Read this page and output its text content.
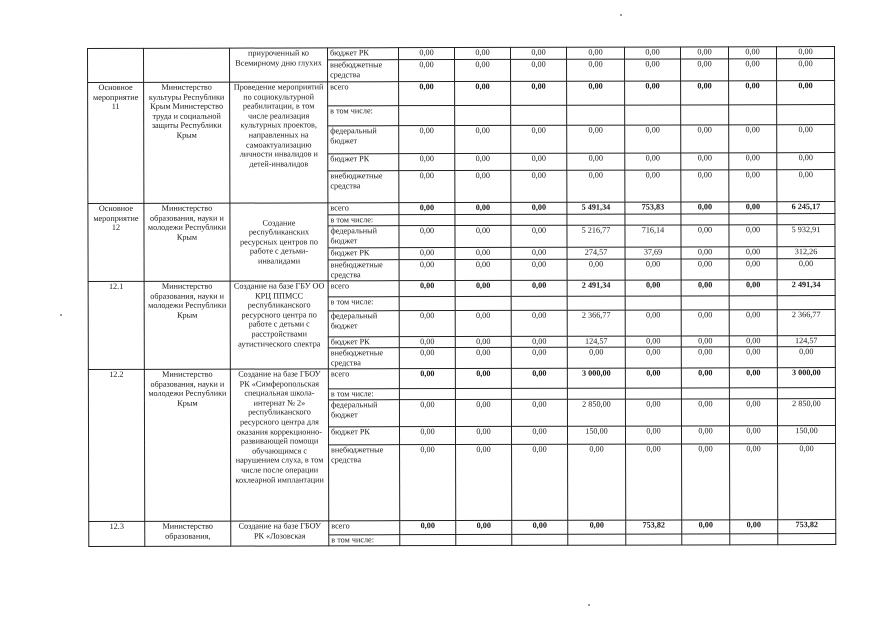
		приуроченный ко Всемирному дню глухих	бюджет РК	0,00	0,00	0,00	0,00	0,00	0,00	0,00	0,00
			внебюджетные средства	0,00	0,00	0,00	0,00	0,00	0,00	0,00	0,00
Основное мероприятие 11	Министерство культуры Республики Крым Министерство труда и социальной защиты Республики Крым	Проведение мероприятий по социокультурной реабилитации, в том числе реализация культурных проектов, направленных на самоактуализацию личности инвалидов и детей-инвалидов	всего	0,00	0,00	0,00	0,00	0,00	0,00	0,00	0,00
			в том числе:								
			федеральный бюджет	0,00	0,00	0,00	0,00	0,00	0,00	0,00	0,00
			бюджет РК	0,00	0,00	0,00	0,00	0,00	0,00	0,00	0,00
			внебюджетные средства	0,00	0,00	0,00	0,00	0,00	0,00	0,00	0,00
Основное мероприятие 12	Министерство образования, науки и молодежи Республики Крым	Создание республиканских ресурсных центров по работе с детьми-инвалидами	всего	0,00	0,00	0,00	5 491,34	753,83	0,00	0,00	6 245,17
			в том числе:								
			федеральный бюджет	0,00	0,00	0,00	5 216,77	716,14	0,00	0,00	5 932,91
			бюджет РК	0,00	0,00	0,00	274,57	37,69	0,00	0,00	312,26
			внебюджетные средства	0,00	0,00	0,00	0,00	0,00	0,00	0,00	0,00
12.1	Министерство образования, науки и молодежи Республики Крым	Создание на базе ГБУ ОО КРЦ ППМСС республиканского ресурсного центра по работе с детьми с расстройствами аутистического спектра	всего	0,00	0,00	0,00	2 491,34	0,00	0,00	0,00	2 491,34
			в том числе:								
			федеральный бюджет	0,00	0,00	0,00	2 366,77	0,00	0,00	0,00	2 366,77
			бюджет РК	0,00	0,00	0,00	124,57	0,00	0,00	0,00	124,57
			внебюджетные средства	0,00	0,00	0,00	0,00	0,00	0,00	0,00	0,00
12.2	Министерство образования, науки и молодежи Республики Крым	Создание на базе ГБОУ РК «Симферопольская специальная школа-интернат № 2» республиканского ресурсного центра для оказания коррекционно-развивающей помощи обучающимся с нарушением слуха, в том числе после операции кохлеарной имплантации	всего	0,00	0,00	0,00	3 000,00	0,00	0,00	0,00	3 000,00
			в том числе:								
			федеральный бюджет	0,00	0,00	0,00	2 850,00	0,00	0,00	0,00	2 850,00
			бюджет РК	0,00	0,00	0,00	150,00	0,00	0,00	0,00	150,00
			внебюджетные средства	0,00	0,00	0,00	0,00	0,00	0,00	0,00	0,00
12.3	Министерство образования,	Создание на базе ГБОУ РК «Лозовская	всего	0,00	0,00	0,00	0,00	753,82	0,00	0,00	753,82
			в том числе:								
